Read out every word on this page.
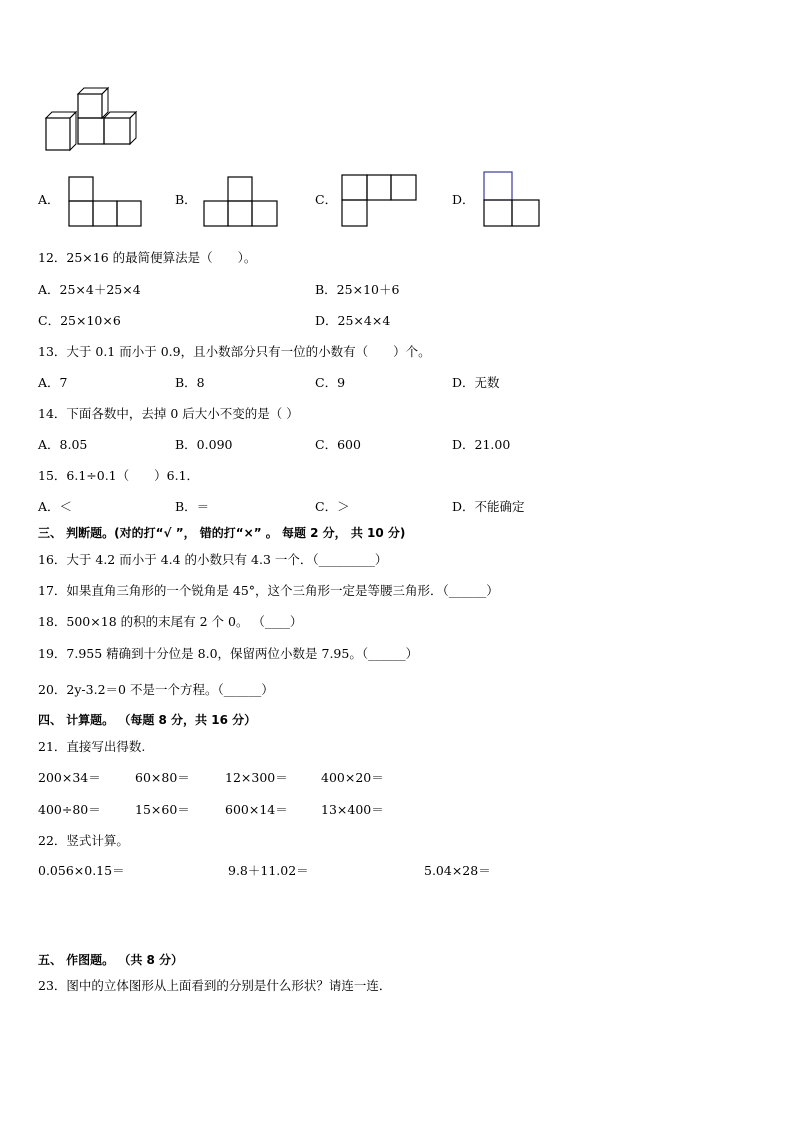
A．	B．	C．	D．
12．25×16 的最简便算法是（　　）。
A．25×4＋25×4	B．25×10＋6
C．25×10×6	D．25×4×4
13．大于 0.1 而小于 0.9，且小数部分只有一位的小数有（　　）个。
A．7	B．8	C．9	D．无数
14．下面各数中，去掉 0 后大小不变的是（ ）
A．8.05	B．0.090	C．600	D．21.00
15．6.1÷0.1（　　）6.1．
A．＜	B．＝	C．＞	D．不能确定
三、 判断题。(对的打“√ ”， 错的打“×” 。 每题 2 分， 共 10 分)
16．大于 4.2 而小于 4.4 的小数只有 4.3 一个．（_________）
17．如果直角三角形的一个锐角是 45°，这个三角形一定是等腰三角形．（______）
18．500×18 的积的末尾有 2 个 0。 （____）
19．7.955 精确到十分位是 8.0，保留两位小数是 7.95。（______）
20．2y-3.2＝0 不是一个方程。（______）
四、 计算题。 （每题 8 分，共 16 分）
21．直接写出得数.
200×34＝	60×80＝	12×300＝	400×20＝
400÷80＝	15×60＝	600×14＝	13×400＝
22．竖式计算。
0.056×0.15＝	9.8＋11.02＝	5.04×28＝
五、 作图题。 （共 8 分）
23．图中的立体图形从上面看到的分别是什么形状？请连一连．
